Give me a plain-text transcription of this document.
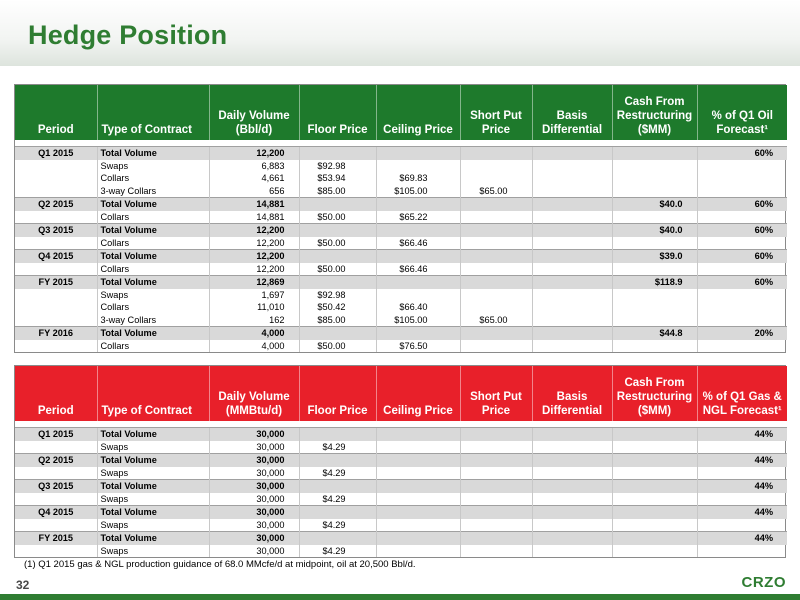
Hedge Position
Period	Type of Contract	Daily Volume (Bbl/d)	Floor Price	Ceiling Price	Short Put Price	Basis Differential	Cash From Restructuring ($MM)	% of Q1 Oil Forecast¹

Q1 2015	Total Volume	12,200						60%
	Swaps	6,883	$92.98					
	Collars	4,661	$53.94	$69.83				
	3-way Collars	656	$85.00	$105.00	$65.00			
Q2 2015	Total Volume	14,881					$40.0	60%
	Collars	14,881	$50.00	$65.22				
Q3 2015	Total Volume	12,200					$40.0	60%
	Collars	12,200	$50.00	$66.46				
Q4 2015	Total Volume	12,200					$39.0	60%
	Collars	12,200	$50.00	$66.46				
FY 2015	Total Volume	12,869					$118.9	60%
	Swaps	1,697	$92.98					
	Collars	11,010	$50.42	$66.40				
	3-way Collars	162	$85.00	$105.00	$65.00			
FY 2016	Total Volume	4,000					$44.8	20%
	Collars	4,000	$50.00	$76.50				
Period	Type of Contract	Daily Volume (MMBtu/d)	Floor Price	Ceiling Price	Short Put Price	Basis Differential	Cash From Restructuring ($MM)	% of Q1 Gas & NGL Forecast¹

Q1 2015	Total Volume	30,000						44%
	Swaps	30,000	$4.29					
Q2 2015	Total Volume	30,000						44%
	Swaps	30,000	$4.29					
Q3 2015	Total Volume	30,000						44%
	Swaps	30,000	$4.29					
Q4 2015	Total Volume	30,000						44%
	Swaps	30,000	$4.29					
FY 2015	Total Volume	30,000						44%
	Swaps	30,000	$4.29					
(1) Q1 2015 gas & NGL production guidance of 68.0 MMcfe/d at midpoint, oil at 20,500 Bbl/d.
32	CRZO
